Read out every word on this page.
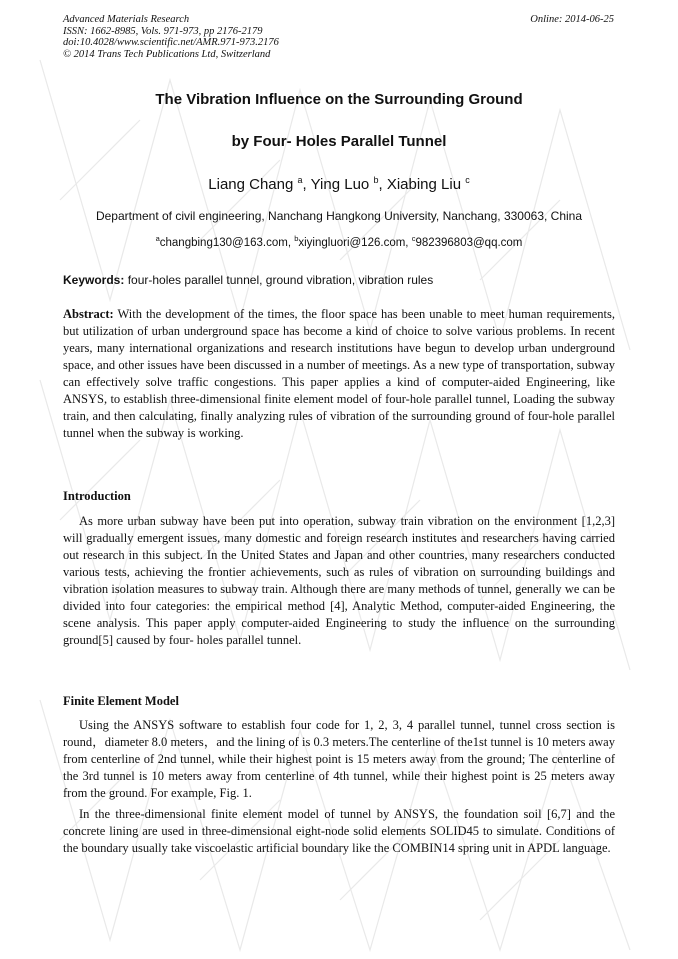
Advanced Materials Research
ISSN: 1662-8985, Vols. 971-973, pp 2176-2179
doi:10.4028/www.scientific.net/AMR.971-973.2176
© 2014 Trans Tech Publications Ltd, Switzerland
Online: 2014-06-25
The Vibration Influence on the Surrounding Ground
by Four- Holes Parallel Tunnel
Liang Chang $^a$, Ying Luo $^b$, Xiabing Liu $^c$
Department of civil engineering, Nanchang Hangkong University, Nanchang, 330063, China
$^a$changbing130@163.com, $^b$xiyingluori@126.com, $^c$982396803@qq.com
Keywords: four-holes parallel tunnel, ground vibration, vibration rules

Abstract: With the development of the times, the floor space has been unable to meet human requirements, but utilization of urban underground space has become a kind of choice to solve various problems. In recent years, many international organizations and research institutions have begun to develop urban underground space, and other issues have been discussed in a number of meetings. As a new type of transportation, subway can effectively solve traffic congestions. This paper applies a kind of computer-aided Engineering, like ANSYS, to establish three-dimensional finite element model of four-hole parallel tunnel, Loading the subway train, and then calculating, finally analyzing rules of vibration of the surrounding ground of four-hole parallel tunnel when the subway is working.

Introduction

As more urban subway have been put into operation, subway train vibration on the environment [1,2,3] will gradually emergent issues, many domestic and foreign research institutes and researchers having carried out research in this subject. In the United States and Japan and other countries, many researchers conducted various tests, achieving the frontier achievements, such as rules of vibration on surrounding buildings and vibration isolation measures to subway train. Although there are many methods of tunnel, generally we can be divided into four categories: the empirical method [4], Analytic Method, computer-aided Engineering, the scene analysis. This paper apply computer-aided Engineering to study the influence on the surrounding ground[5] caused by four- holes parallel tunnel.

Finite Element Model

Using the ANSYS software to establish four code for 1, 2, 3, 4 parallel tunnel, tunnel cross section is round，diameter 8.0 meters，and the lining of is 0.3 meters.The centerline of the1st tunnel is 10 meters away from centerline of 2nd tunnel, while their highest point is 15 meters away from the ground; The centerline of the 3rd tunnel is 10 meters away from centerline of 4th tunnel, while their highest point is 25 meters away from the ground. For example, Fig. 1.

In the three-dimensional finite element model of tunnel by ANSYS, the foundation soil [6,7] and the concrete lining are used in three-dimensional eight-node solid elements SOLID45 to simulate. Conditions of the boundary usually take viscoelastic artificial boundary like the COMBIN14 spring unit in APDL language.
